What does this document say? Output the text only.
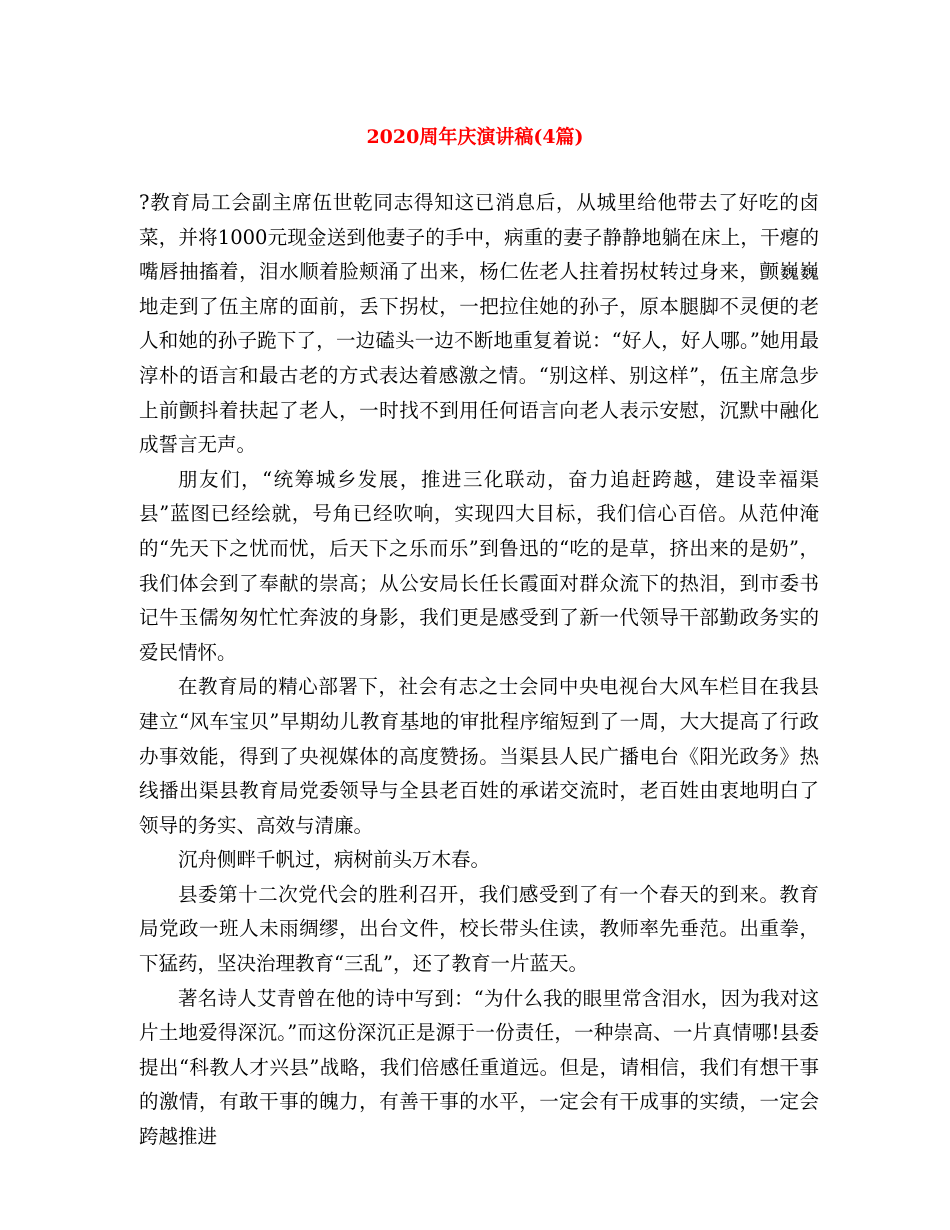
2020周年庆演讲稿(4篇)

?教育局工会副主席伍世乾同志得知这已消息后，从城里给他带去了好吃的卤菜，并将1000元现金送到他妻子的手中，病重的妻子静静地躺在床上，干瘪的嘴唇抽搐着，泪水顺着脸颊涌了出来，杨仁佐老人拄着拐杖转过身来，颤巍巍地走到了伍主席的面前，丢下拐杖，一把拉住她的孙子，原本腿脚不灵便的老人和她的孙子跪下了，一边磕头一边不断地重复着说：“好人，好人哪。”她用最淳朴的语言和最古老的方式表达着感激之情。“别这样、别这样”，伍主席急步上前颤抖着扶起了老人，一时找不到用任何语言向老人表示安慰，沉默中融化成誓言无声。

朋友们，“统筹城乡发展，推进三化联动，奋力追赶跨越，建设幸福渠县”蓝图已经绘就，号角已经吹响，实现四大目标，我们信心百倍。从范仲淹的“先天下之忧而忧，后天下之乐而乐”到鲁迅的“吃的是草，挤出来的是奶”，我们体会到了奉献的崇高；从公安局长任长霞面对群众流下的热泪，到市委书记牛玉儒匆匆忙忙奔波的身影，我们更是感受到了新一代领导干部勤政务实的爱民情怀。

在教育局的精心部署下，社会有志之士会同中央电视台大风车栏目在我县建立“风车宝贝”早期幼儿教育基地的审批程序缩短到了一周，大大提高了行政办事效能，得到了央视媒体的高度赞扬。当渠县人民广播电台《阳光政务》热线播出渠县教育局党委领导与全县老百姓的承诺交流时，老百姓由衷地明白了领导的务实、高效与清廉。

沉舟侧畔千帆过，病树前头万木春。

县委第十二次党代会的胜利召开，我们感受到了有一个春天的到来。教育局党政一班人未雨绸缪，出台文件，校长带头住读，教师率先垂范。出重拳，下猛药，坚决治理教育“三乱”，还了教育一片蓝天。

著名诗人艾青曾在他的诗中写到：“为什么我的眼里常含泪水，因为我对这片土地爱得深沉。”而这份深沉正是源于一份责任，一种崇高、一片真情哪!县委提出“科教人才兴县”战略，我们倍感任重道远。但是，请相信，我们有想干事的激情，有敢干事的魄力，有善干事的水平，一定会有干成事的实绩，一定会跨越推进
